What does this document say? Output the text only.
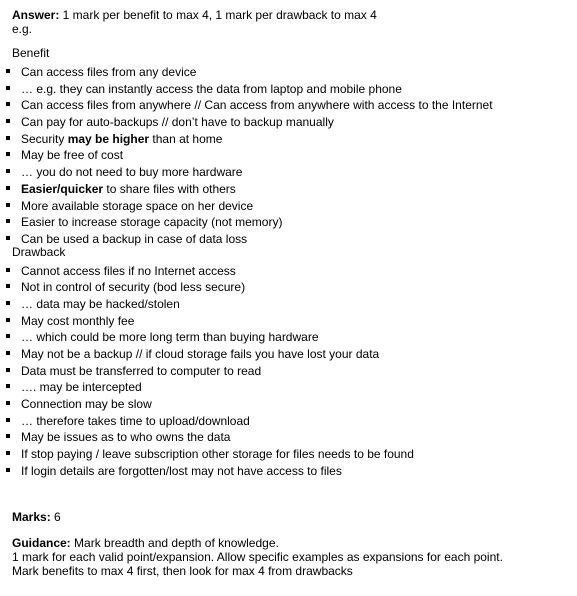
Answer: 1 mark per benefit to max 4, 1 mark per drawback to max 4
e.g.
Benefit
Can access files from any device
… e.g. they can instantly access the data from laptop and mobile phone
Can access files from anywhere // Can access from anywhere with access to the Internet
Can pay for auto-backups // don’t have to backup manually
Security may be higher than at home
May be free of cost
… you do not need to buy more hardware
Easier/quicker to share files with others
More available storage space on her device
Easier to increase storage capacity (not memory)
Can be used a backup in case of data loss
Drawback
Cannot access files if no Internet access
Not in control of security (bod less secure)
… data may be hacked/stolen
May cost monthly fee
… which could be more long term than buying hardware
May not be a backup // if cloud storage fails you have lost your data
Data must be transferred to computer to read
…. may be intercepted
Connection may be slow
… therefore takes time to upload/download
May be issues as to who owns the data
If stop paying / leave subscription other storage for files needs to be found
If login details are forgotten/lost may not have access to files
Marks: 6
Guidance: Mark breadth and depth of knowledge.
1 mark for each valid point/expansion. Allow specific examples as expansions for each point.
Mark benefits to max 4 first, then look for max 4 from drawbacks
